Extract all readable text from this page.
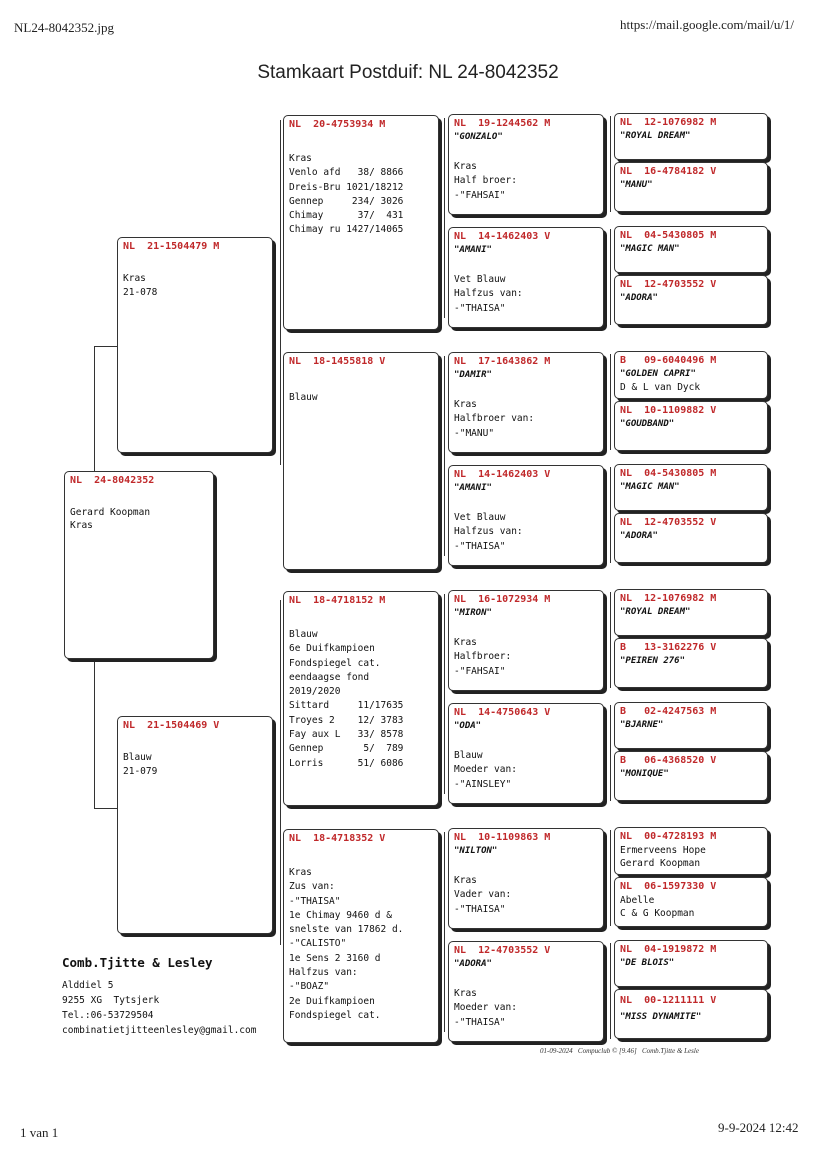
NL24-8042352.jpg	https://mail.google.com/mail/u/1/
Stamkaart Postduif: NL 24-8042352
NL  24-8042352
Gerard Koopman
Kras
NL  21-1504479 M
Kras
21-078
NL  21-1504469 V
Blauw
21-079
NL  20-4753934 M
Kras
Venlo afd   38/ 8866
Dreis-Bru 1021/18212
Gennep     234/ 3026
Chimay      37/  431
Chimay ru 1427/14065
NL  18-1455818 V
Blauw
NL  18-4718152 M
Blauw
6e Duifkampioen
Fondspiegel cat.
eendaagse fond
2019/2020
Sittard     11/17635
Troyes 2    12/ 3783
Fay aux L   33/ 8578
Gennep       5/  789
Lorris      51/ 6086
NL  18-4718352 V
Kras
Zus van:
-"THAISA"
1e Chimay 9460 d &
snelste van 17862 d.
-"CALISTO"
1e Sens 2 3160 d
Halfzus van:
-"BOAZ"
2e Duifkampioen
Fondspiegel cat.
NL  19-1244562 M
"GONZALO"
Kras
Half broer:
-"FAHSAI"
NL  14-1462403 V
"AMANI"
Vet Blauw
Halfzus van:
-"THAISA"
NL  17-1643862 M
"DAMIR"
Kras
Halfbroer van:
-"MANU"
NL  14-1462403 V
"AMANI"
Vet Blauw
Halfzus van:
-"THAISA"
NL  16-1072934 M
"MIRON"
Kras
Halfbroer:
-"FAHSAI"
NL  14-4750643 V
"ODA"
Blauw
Moeder van:
-"AINSLEY"
NL  10-1109863 M
"NILTON"
Kras
Vader van:
-"THAISA"
NL  12-4703552 V
"ADORA"
Kras
Moeder van:
-"THAISA"
NL  12-1076982 M
"ROYAL DREAM"
NL  16-4784182 V
"MANU"
NL  04-5430805 M
"MAGIC MAN"
NL  12-4703552 V
"ADORA"
B   09-6040496 M
"GOLDEN CAPRI"
D & L van Dyck
NL  10-1109882 V
"GOUDBAND"
NL  04-5430805 M
"MAGIC MAN"
NL  12-4703552 V
"ADORA"
NL  12-1076982 M
"ROYAL DREAM"
B   13-3162276 V
"PEIREN 276"
B   02-4247563 M
"BJARNE"
B   06-4368520 V
"MONIQUE"
NL  00-4728193 M
Ermerveens Hope
Gerard Koopman
NL  06-1597330 V
Abelle
C & G Koopman
NL  04-1919872 M
"DE BLOIS"
NL  00-1211111 V
"MISS DYNAMITE"
Comb.Tjitte & Lesley
Alddiel 5
9255 XG  Tytsjerk
Tel.:06-53729504
combinatietjitteenlesley@gmail.com
01-09-2024   Compuclub © [9.46]   Comb.Tjitte & Lesle
1 van 1	9-9-2024 12:42
